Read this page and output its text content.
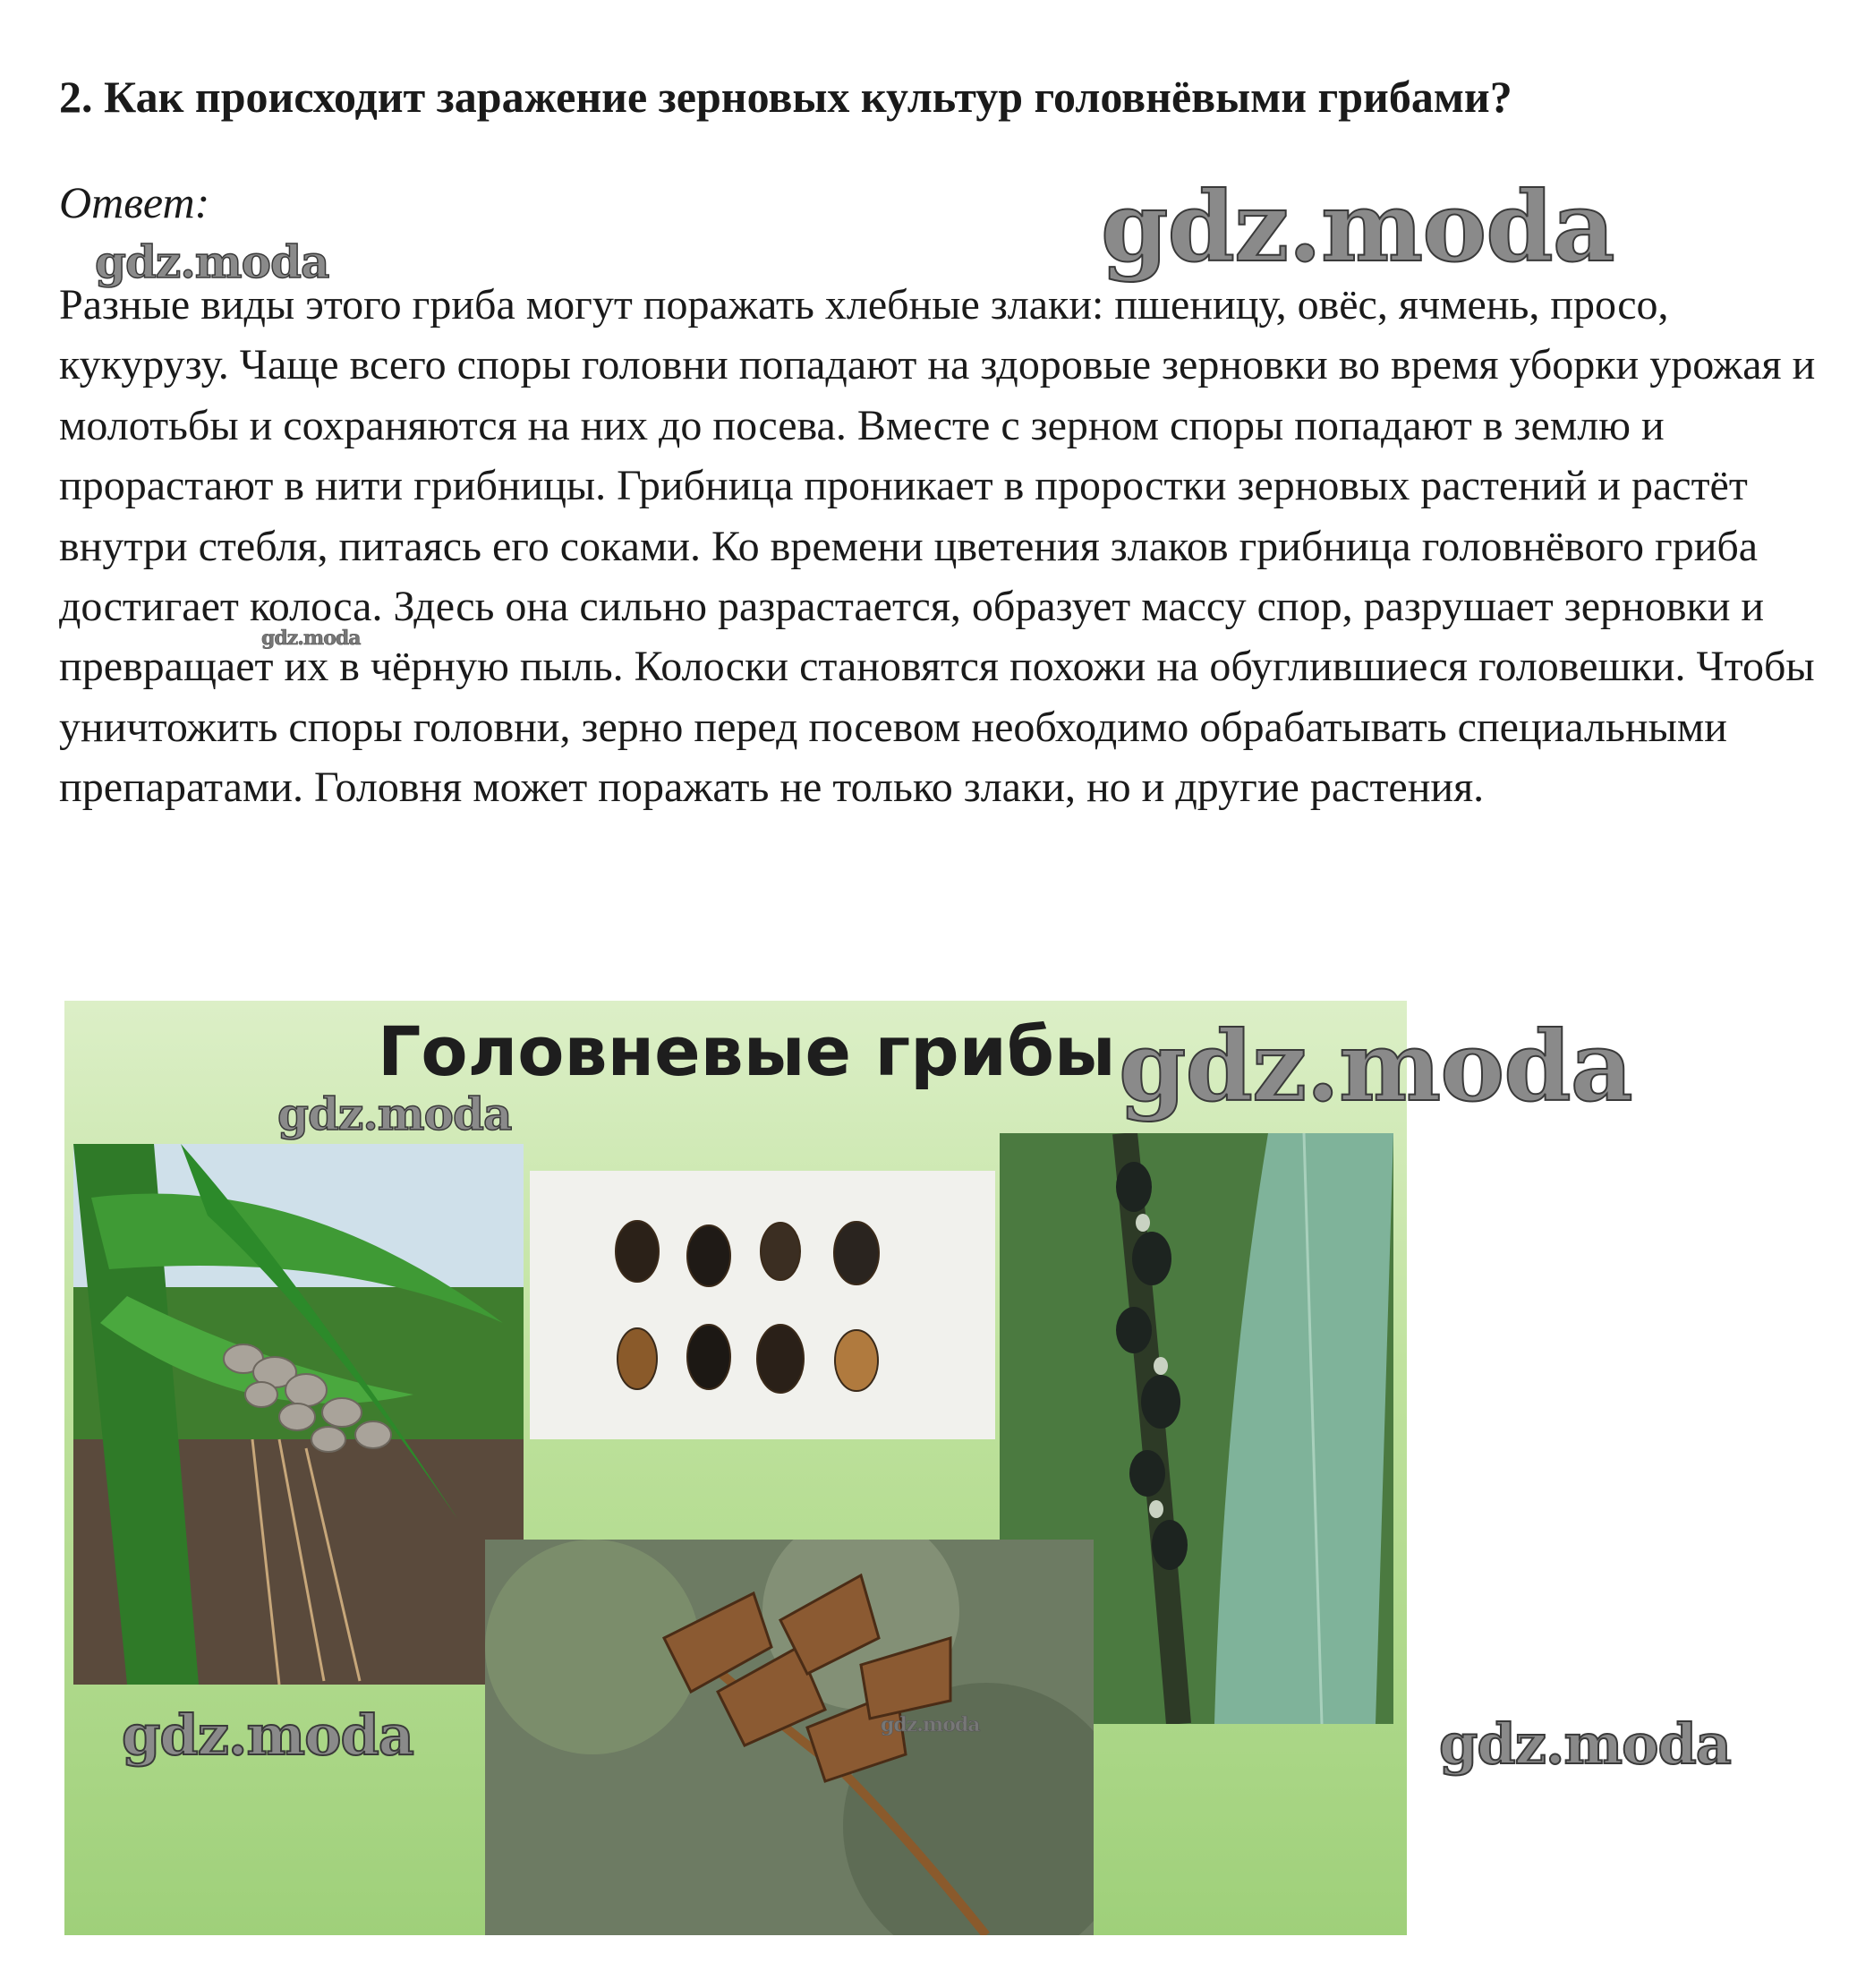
2. Как происходит заражение зерновых культур головнёвыми грибами?
Ответ:

Разные виды этого гриба могут поражать хлебные злаки: пшеницу, овёс, ячмень, просо, кукурузу. Чаще всего споры головни попадают на здоровые зерновки во время уборки урожая и молотьбы и сохраняются на них до посева. Вместе с зерном споры попадают в землю и прорастают в нити грибницы. Грибница проникает в проростки зерновых растений и растёт внутри стебля, питаясь его соками. Ко времени цветения злаков грибница головнёвого гриба достигает колоса. Здесь она сильно разрастается, образует массу спор, разрушает зерновки и превращает их в чёрную пыль. Колоски становятся похожи на обуглившиеся головешки. Чтобы уничтожить споры головни, зерно перед посевом необходимо обрабатывать специальными препаратами. Головня может поражать не только злаки, но и другие растения.

Головневые грибы
gdz.moda	gdz.moda
gdz.moda
gdz.moda
gdz.moda
gdz.moda	gdz.moda	gdz.moda
